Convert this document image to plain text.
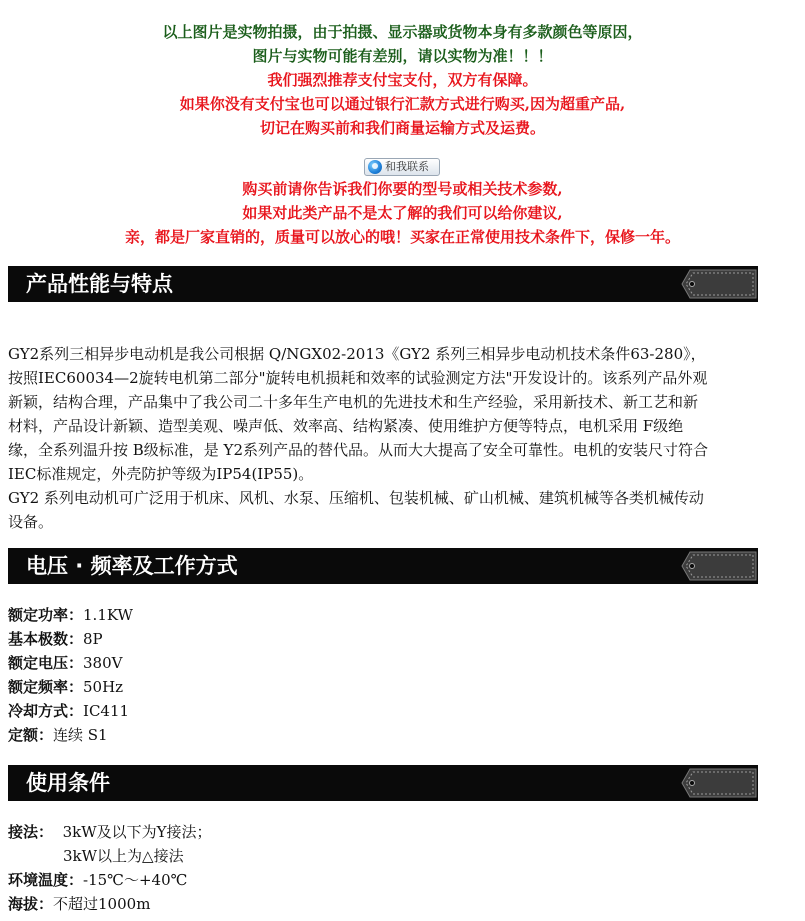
以上图片是实物拍摄，由于拍摄、显示器或货物本身有多款颜色等原因，
图片与实物可能有差别，请以实物为准！！！
我们强烈推荐支付宝支付，双方有保障。
如果你没有支付宝也可以通过银行汇款方式进行购买,因为超重产品,
切记在购买前和我们商量运输方式及运费。
和我联系
购买前请你告诉我们你要的型号或相关技术参数,
如果对此类产品不是太了解的我们可以给你建议,
亲，都是厂家直销的，质量可以放心的哦！买家在正常使用技术条件下，保修一年。
产品性能与特点
GY2系列三相异步电动机是我公司根据 Q/NGX02-2013《GY2 系列三相异步电动机技术条件63-280》，
按照IEC60034—2旋转电机第二部分"旋转电机损耗和效率的试验测定方法"开发设计的。该系列产品外观
新颖，结构合理，产品集中了我公司二十多年生产电机的先进技术和生产经验，采用新技术、新工艺和新
材料，产品设计新颖、造型美观、噪声低、效率高、结构紧凑、使用维护方便等特点，电机采用 F级绝
缘，全系列温升按 B级标准，是 Y2系列产品的替代品。从而大大提高了安全可靠性。电机的安装尺寸符合
IEC标准规定，外壳防护等级为IP54(IP55)。
GY2 系列电动机可广泛用于机床、风机、水泵、压缩机、包装机械、矿山机械、建筑机械等各类机械传动
设备。
电压 · 频率及工作方式
额定功率：1.1KW
基本极数：8P
额定电压：380V
额定频率：50Hz
冷却方式：IC411
定额：连续 S1
使用条件
接法： 3kW及以下为Y接法；
3kW以上为△接法
环境温度：-15℃～+40℃
海拔：不超过1000m
